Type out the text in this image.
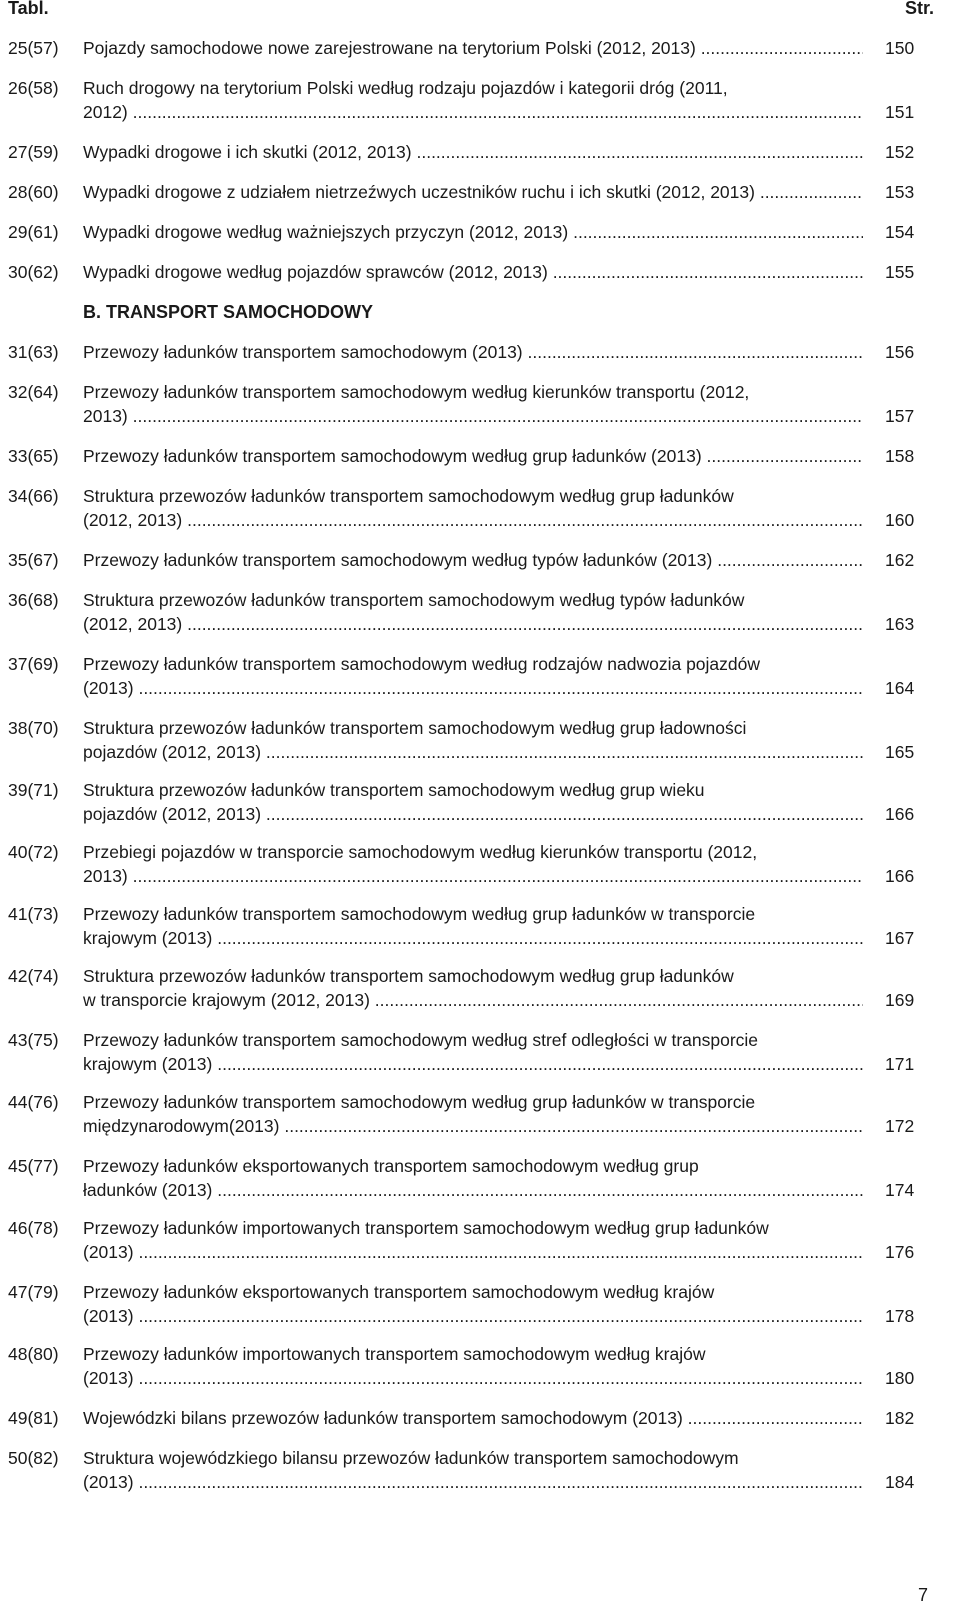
Tabl.	Str.
B. TRANSPORT SAMOCHODOWY
25(57) Pojazdy samochodowe nowe zarejestrowane na terytorium Polski (2012, 2013) .....	150
26(58) Ruch drogowy na terytorium Polski według rodzaju pojazdów i kategorii dróg (2011,
2012) .....	151
27(59) Wypadki drogowe i ich skutki (2012, 2013) .....	152
28(60) Wypadki drogowe z udziałem nietrzeźwych uczestników ruchu i ich skutki (2012, 2013) .....	153
29(61) Wypadki drogowe według ważniejszych przyczyn (2012, 2013) .....	154
30(62) Wypadki drogowe według pojazdów sprawców (2012, 2013) .....	155
31(63) Przewozy ładunków transportem samochodowym (2013) .....	156
32(64) Przewozy ładunków transportem samochodowym według kierunków transportu (2012,
2013) .....	157
33(65) Przewozy ładunków transportem samochodowym według grup ładunków (2013) .....	158
34(66) Struktura przewozów ładunków transportem samochodowym według grup ładunków
(2012, 2013) .....	160
35(67) Przewozy ładunków transportem samochodowym według typów ładunków (2013) .....	162
36(68) Struktura przewozów ładunków transportem samochodowym według typów ładunków
(2012, 2013) .....	163
37(69) Przewozy ładunków transportem samochodowym według rodzajów nadwozia pojazdów
(2013) .....	164
38(70) Struktura przewozów ładunków transportem samochodowym według grup ładowności
pojazdów (2012, 2013) .....	165
39(71) Struktura przewozów ładunków transportem samochodowym według grup wieku
pojazdów (2012, 2013) .....	166
40(72) Przebiegi pojazdów w transporcie samochodowym według kierunków transportu (2012,
2013) .....	166
41(73) Przewozy ładunków transportem samochodowym według grup ładunków w transporcie
krajowym (2013) .....	167
42(74) Struktura przewozów ładunków transportem samochodowym według grup ładunków
w transporcie krajowym (2012, 2013) .....	169
43(75) Przewozy ładunków transportem samochodowym według stref odległości w transporcie
krajowym (2013) .....	171
44(76) Przewozy ładunków transportem samochodowym według grup ładunków w transporcie
międzynarodowym(2013) .....	172
45(77) Przewozy ładunków eksportowanych transportem samochodowym według grup
ładunków (2013) .....	174
46(78) Przewozy ładunków importowanych transportem samochodowym według grup ładunków
(2013) .....	176
47(79) Przewozy ładunków eksportowanych transportem samochodowym według krajów
(2013) .....	178
48(80) Przewozy ładunków importowanych transportem samochodowym według krajów
(2013) .....	180
49(81) Wojewódzki bilans przewozów ładunków transportem samochodowym (2013) .....	182
50(82) Struktura wojewódzkiego bilansu przewozów ładunków transportem samochodowym
(2013) .....	184
7
